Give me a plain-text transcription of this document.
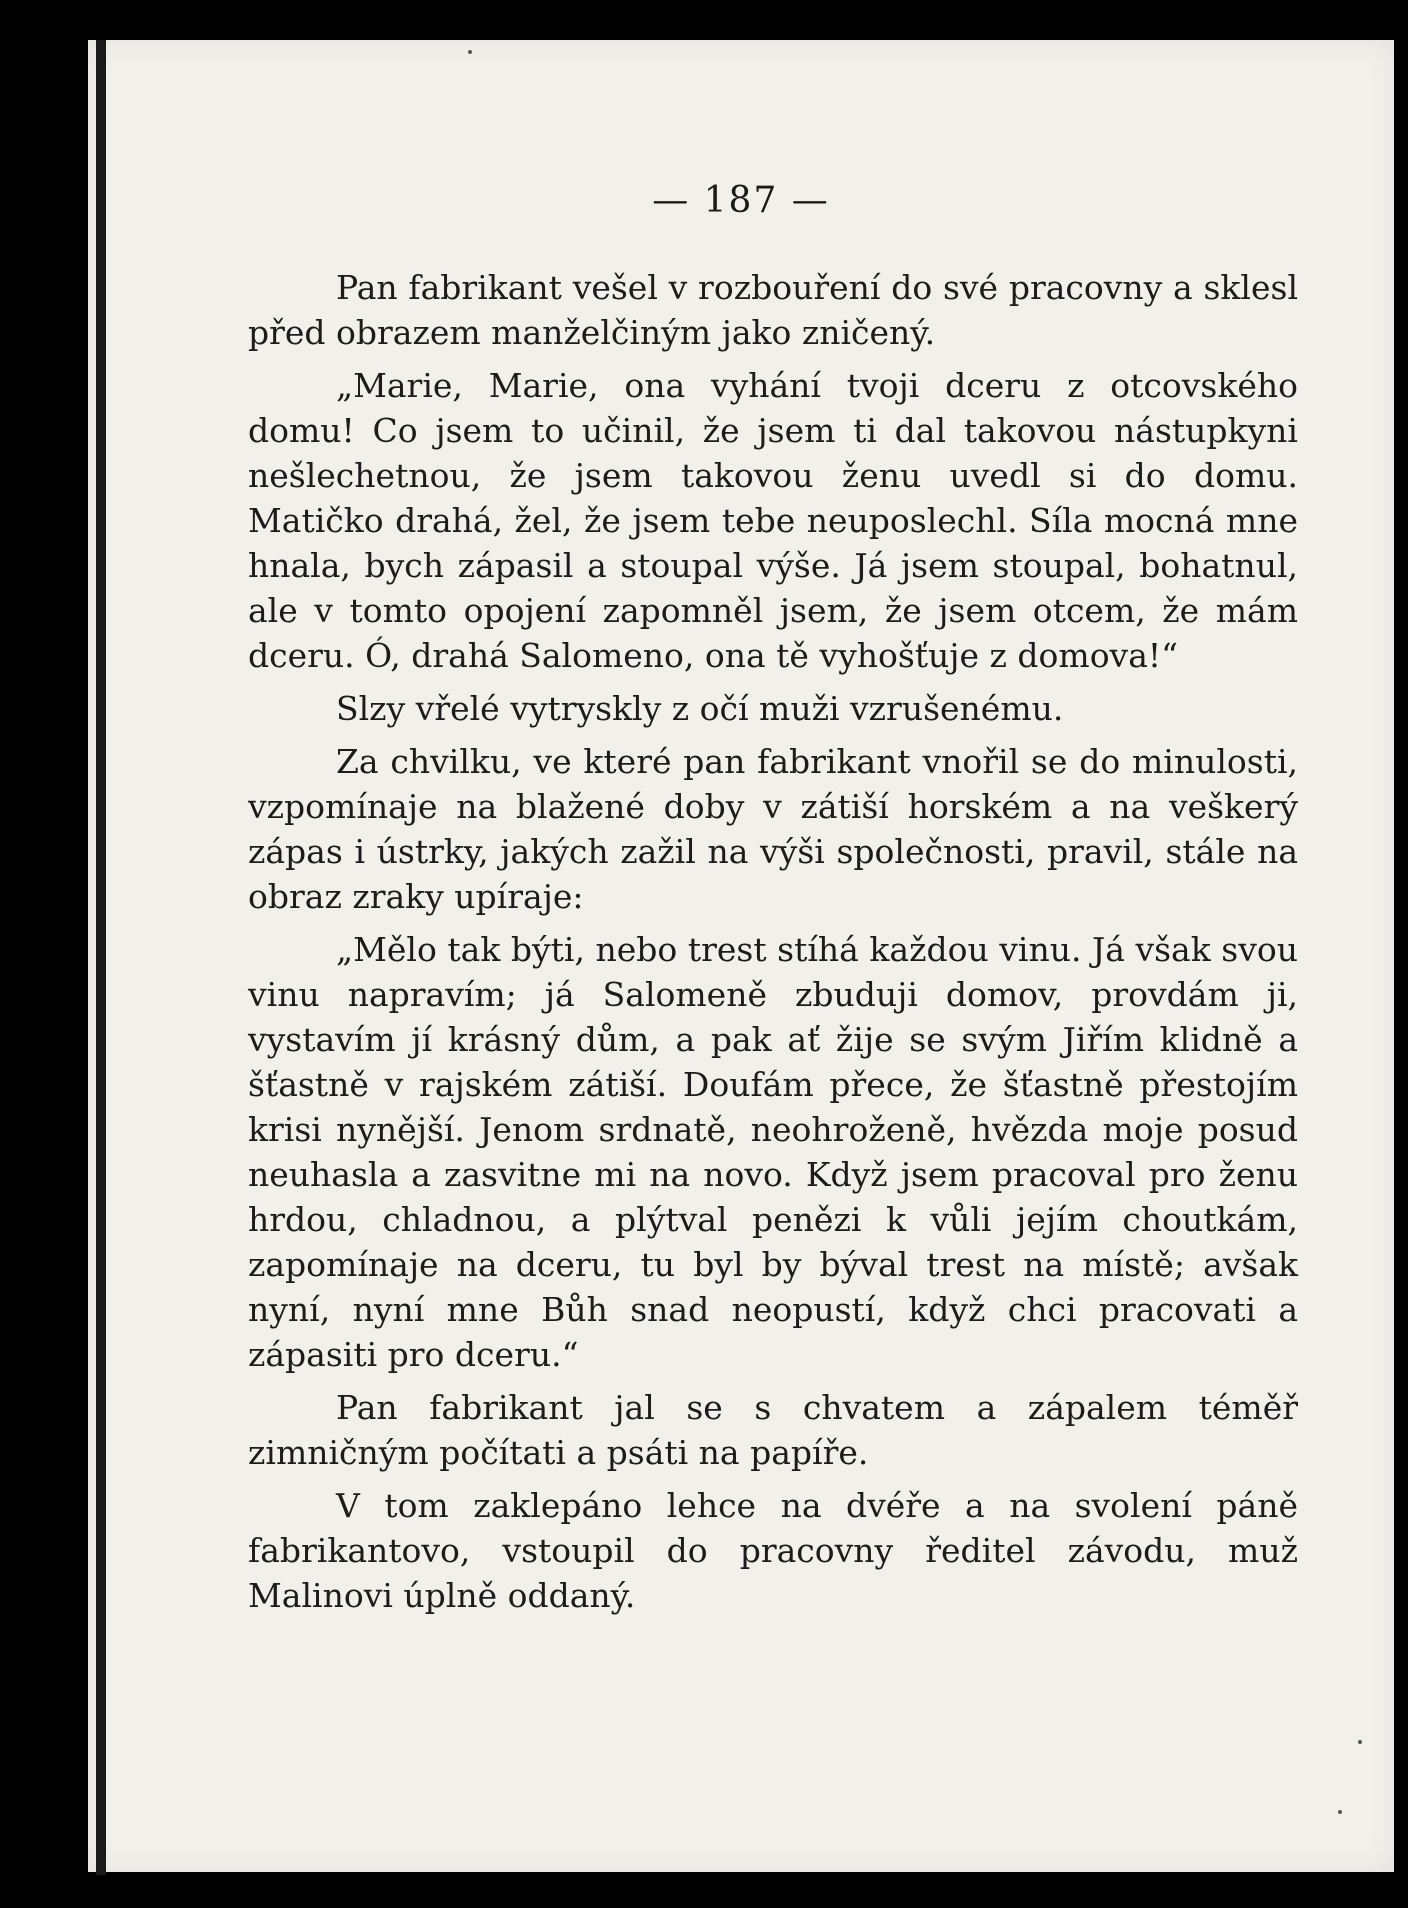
— 187 —

Pan fabrikant vešel v rozbouření do své pracovny a sklesl před obrazem manželčiným jako zničený.

„Marie, Marie, ona vyhání tvoji dceru z otcovského domu! Co jsem to učinil, že jsem ti dal takovou nástupkyni nešlechetnou, že jsem takovou ženu uvedl si do domu. Matičko drahá, žel, že jsem tebe neuposlechl. Síla mocná mne hnala, bych zápasil a stoupal výše. Já jsem stoupal, bohatnul, ale v tomto opojení zapomněl jsem, že jsem otcem, že mám dceru. Ó, drahá Salomeno, ona tě vyhošťuje z domova!“

Slzy vřelé vytryskly z očí muži vzrušenému.

Za chvilku, ve které pan fabrikant vnořil se do minulosti, vzpomínaje na blažené doby v zátiší horském a na veškerý zápas i ústrky, jakých zažil na výši společnosti, pravil, stále na obraz zraky upíraje:

„Mělo tak býti, nebo trest stíhá každou vinu. Já však svou vinu napravím; já Salomeně zbuduji domov, provdám ji, vystavím jí krásný dům, a pak ať žije se svým Jiřím klidně a šťastně v rajském zátiší. Doufám přece, že šťastně přestojím krisi nynější. Jenom srdnatě, neohroženě, hvězda moje posud neuhasla a zasvitne mi na novo. Když jsem pracoval pro ženu hrdou, chladnou, a plýtval penězi k vůli jejím choutkám, zapomínaje na dceru, tu byl by býval trest na místě; avšak nyní, nyní mne Bůh snad neopustí, když chci pracovati a zápasiti pro dceru.“

Pan fabrikant jal se s chvatem a zápalem téměř zimničným počítati a psáti na papíře.

V tom zaklepáno lehce na dvéře a na svolení páně fabrikantovo, vstoupil do pracovny ředitel závodu, muž Malinovi úplně oddaný.
